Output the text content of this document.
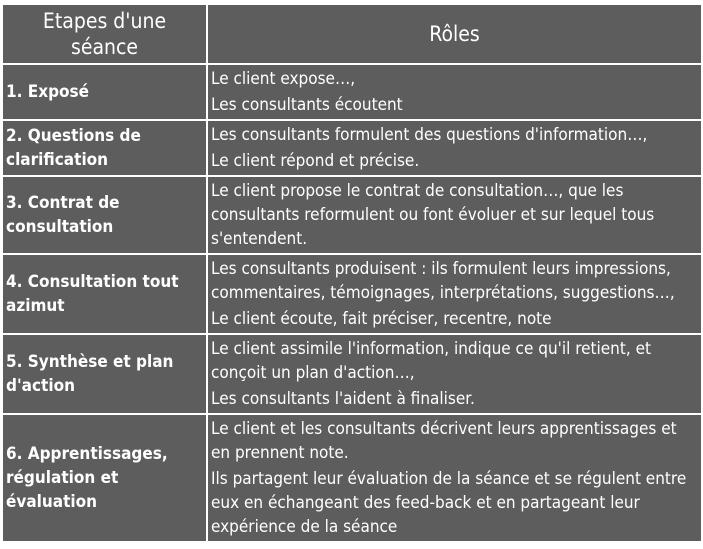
Etapes d'une
séance	Rôles
1. Exposé	Le client expose…,

Les consultants écoutent

2. Questions de clarification	Les consultants formulent des questions d'information…,

Le client répond et précise.

3. Contrat de consultation	Le client propose le contrat de consultation…, que les consultants reformulent ou font évoluer et sur lequel tous s'entendent.

4. Consultation tout azimut	Les consultants produisent : ils formulent leurs impressions, commentaires, témoignages, interprétations, suggestions…,

Le client écoute, fait préciser, recentre, note

5. Synthèse et plan d'action	Le client assimile l'information, indique ce qu'il retient, et conçoit un plan d'action…,

Les consultants l'aident à finaliser.

6. Apprentissages, régulation et évaluation	Le client et les consultants décrivent leurs apprentissages et en prennent note.

Ils partagent leur évaluation de la séance et se régulent entre eux en échangeant des feed-back et en partageant leur expérience de la séance
